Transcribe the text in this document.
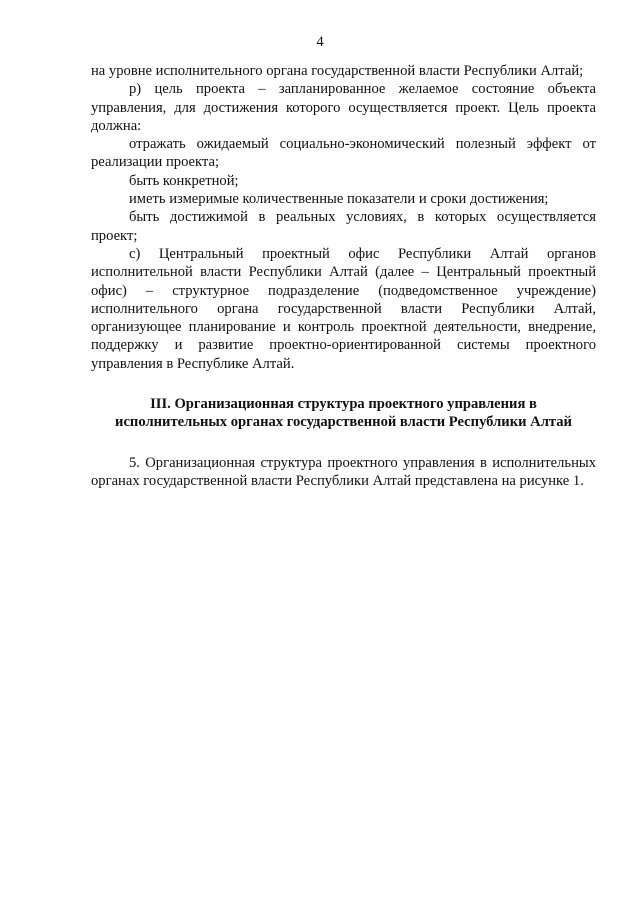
4

на уровне исполнительного органа государственной власти Республики Алтай;

р) цель проекта – запланированное желаемое состояние объекта управления, для достижения которого осуществляется проект. Цель проекта должна:

отражать ожидаемый социально-экономический полезный эффект от реализации проекта;

быть конкретной;

иметь измеримые количественные показатели и сроки достижения;

быть достижимой в реальных условиях, в которых осуществляется проект;

с) Центральный проектный офис Республики Алтай органов исполнительной власти Республики Алтай (далее – Центральный проектный офис) – структурное подразделение (подведомственное учреждение) исполнительного органа государственной власти Республики Алтай, организующее планирование и контроль проектной деятельности, внедрение, поддержку и развитие проектно-ориентированной системы проектного управления в Республике Алтай.

III. Организационная структура проектного управления в
исполнительных органах государственной власти Республики Алтай

5. Организационная структура проектного управления в исполнительных органах государственной власти Республики Алтай представлена на рисунке 1.
